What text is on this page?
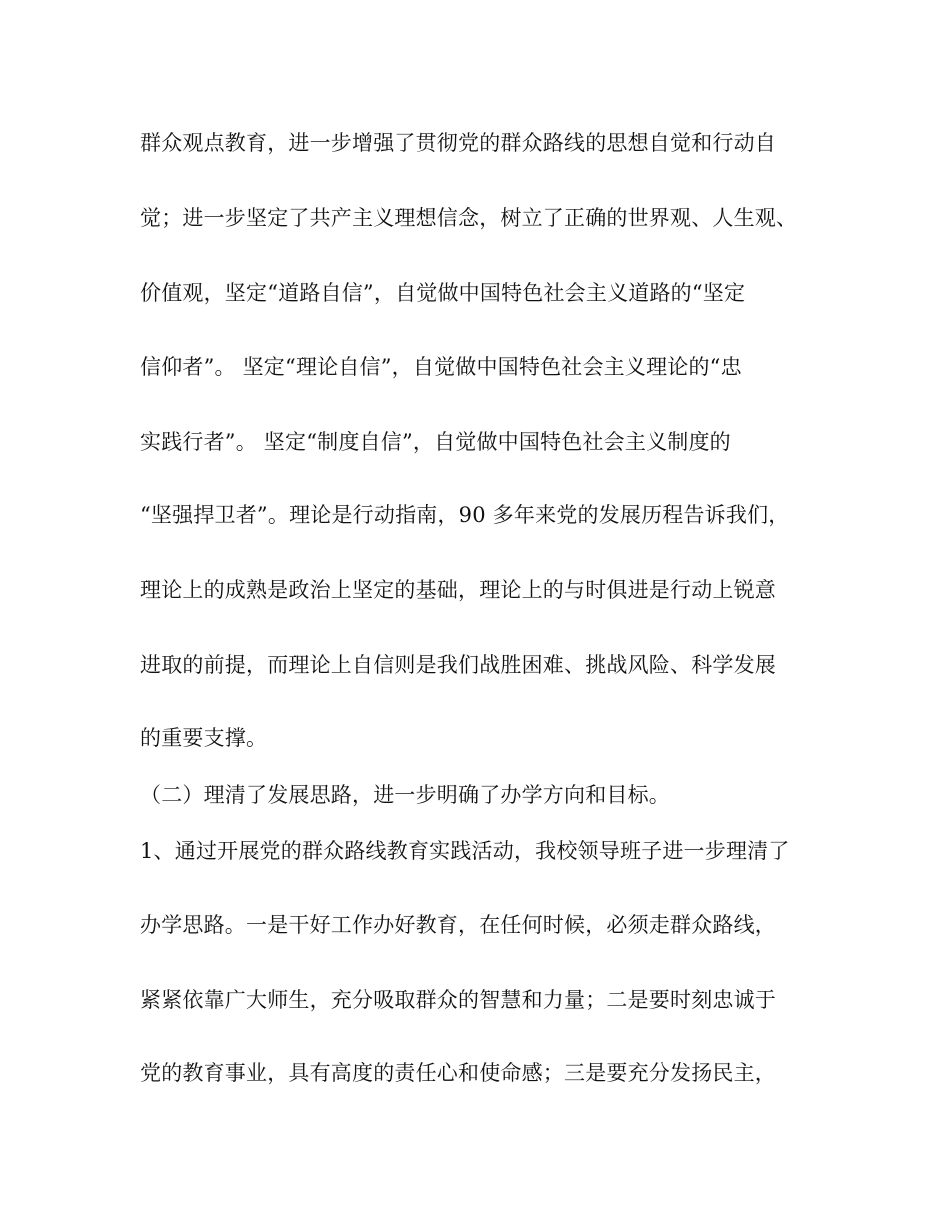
群众观点教育，进一步增强了贯彻党的群众路线的思想自觉和行动自
觉；进一步坚定了共产主义理想信念，树立了正确的世界观、人生观、
价值观，坚定“道路自信”，自觉做中国特色社会主义道路的“坚定
信仰者”。 坚定“理论自信”，自觉做中国特色社会主义理论的“忠
实践行者”。 坚定“制度自信”，自觉做中国特色社会主义制度的
“坚强捍卫者”。理论是行动指南，90 多年来党的发展历程告诉我们，
理论上的成熟是政治上坚定的基础，理论上的与时俱进是行动上锐意
进取的前提，而理论上自信则是我们战胜困难、挑战风险、科学发展
的重要支撑。
（二）理清了发展思路，进一步明确了办学方向和目标。
1、通过开展党的群众路线教育实践活动，我校领导班子进一步理清了
办学思路。一是干好工作办好教育，在任何时候，必须走群众路线，
紧紧依靠广大师生，充分吸取群众的智慧和力量；二是要时刻忠诚于
党的教育事业，具有高度的责任心和使命感；三是要充分发扬民主，
